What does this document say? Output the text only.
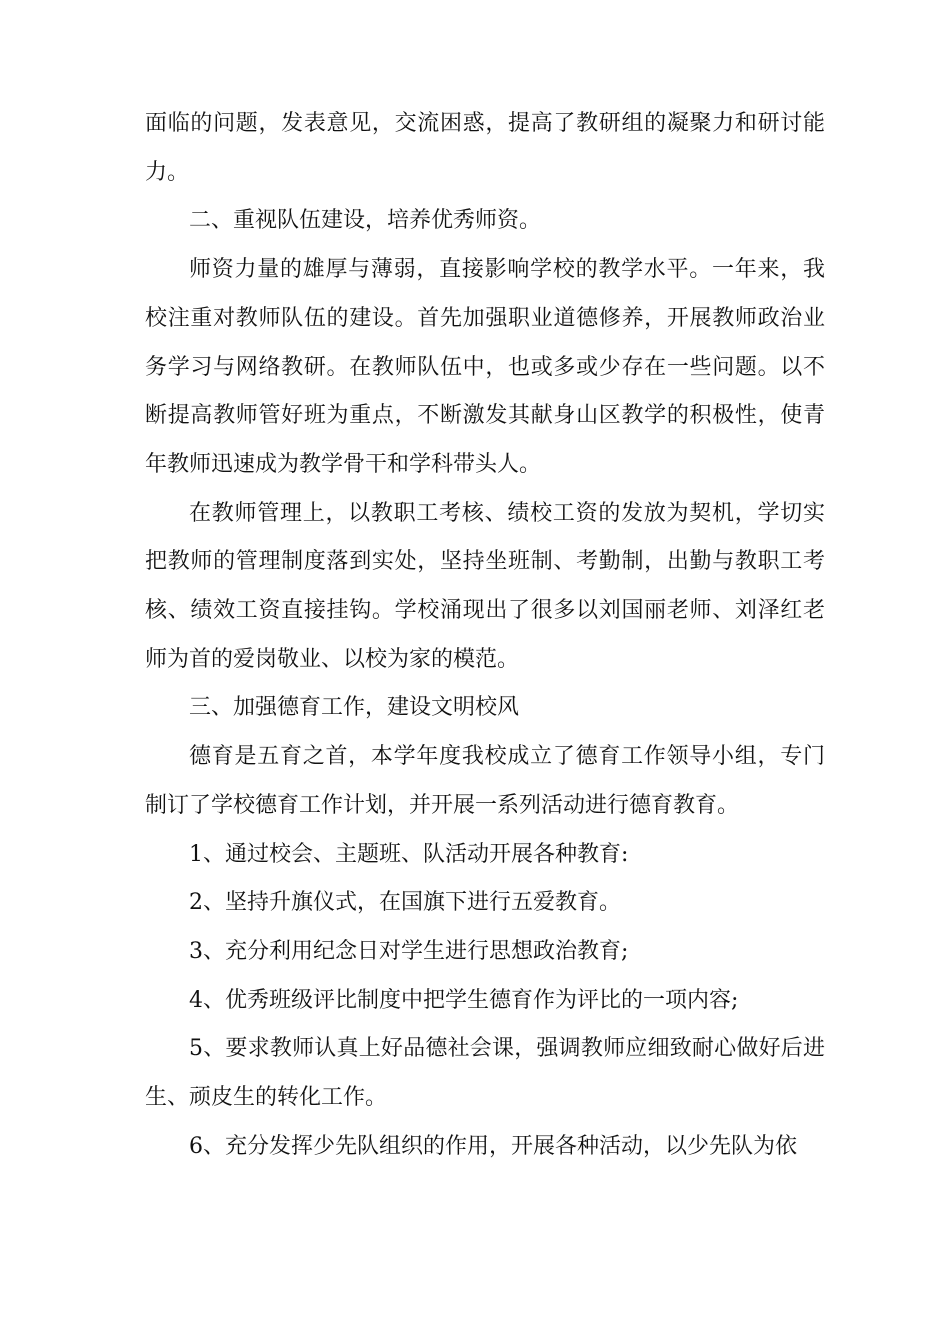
面临的问题，发表意见，交流困惑，提高了教研组的凝聚力和研讨能力。

二、重视队伍建设，培养优秀师资。

师资力量的雄厚与薄弱，直接影响学校的教学水平。一年来，我校注重对教师队伍的建设。首先加强职业道德修养，开展教师政治业务学习与网络教研。在教师队伍中，也或多或少存在一些问题。以不断提高教师管好班为重点，不断激发其献身山区教学的积极性，使青年教师迅速成为教学骨干和学科带头人。

在教师管理上，以教职工考核、绩校工资的发放为契机，学切实把教师的管理制度落到实处，坚持坐班制、考勤制，出勤与教职工考核、绩效工资直接挂钩。学校涌现出了很多以刘国丽老师、刘泽红老师为首的爱岗敬业、以校为家的模范。

三、加强德育工作，建设文明校风

德育是五育之首，本学年度我校成立了德育工作领导小组，专门制订了学校德育工作计划，并开展一系列活动进行德育教育。

1、通过校会、主题班、队活动开展各种教育:

2、坚持升旗仪式，在国旗下进行五爱教育。

3、充分利用纪念日对学生进行思想政治教育;

4、优秀班级评比制度中把学生德育作为评比的一项内容;

5、要求教师认真上好品德社会课，强调教师应细致耐心做好后进生、顽皮生的转化工作。

6、充分发挥少先队组织的作用，开展各种活动，以少先队为依
